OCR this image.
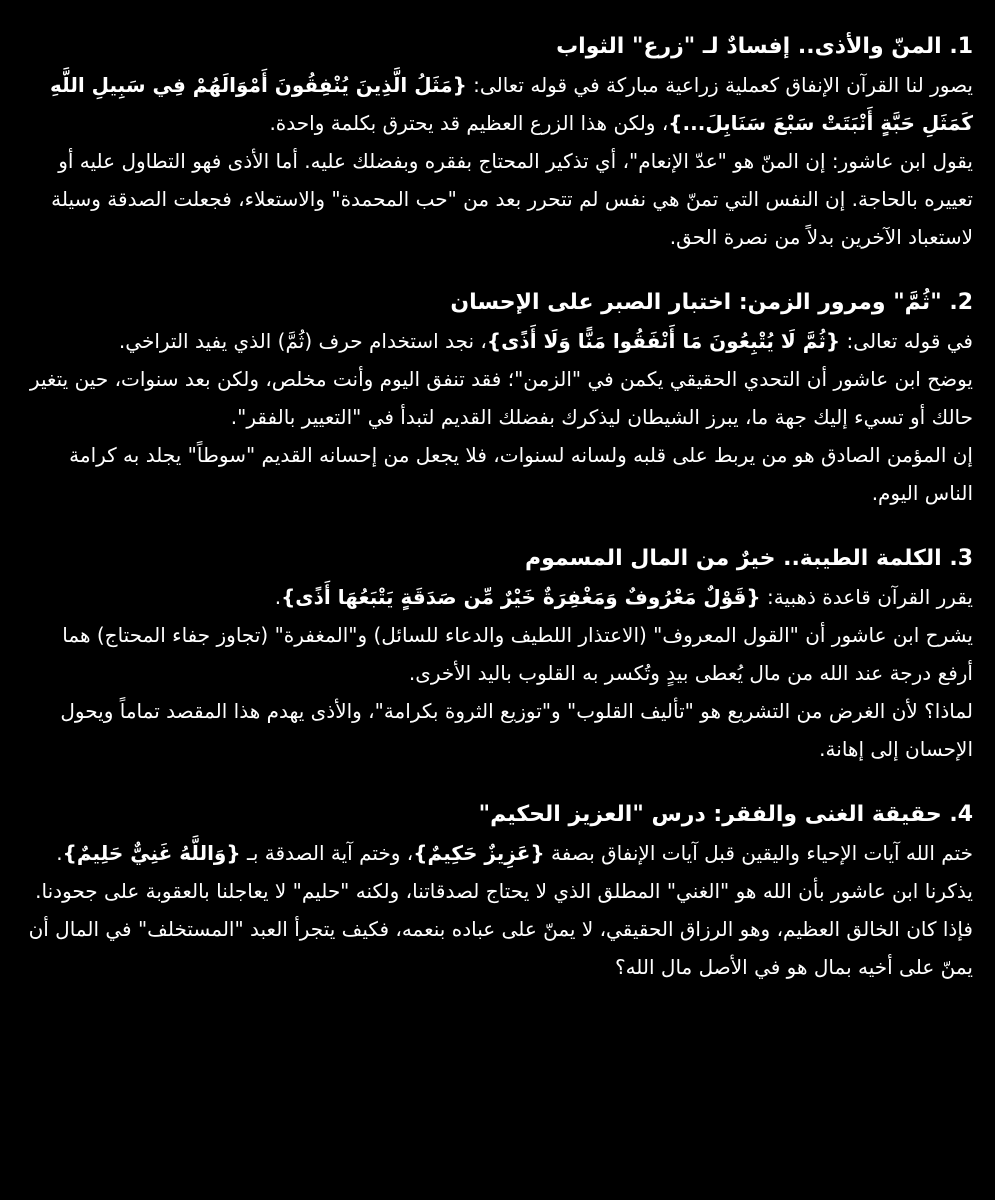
1. المنّ والأذى.. إفسادٌ لـ "زرع" الثواب

يصور لنا القرآن الإنفاق كعملية زراعية مباركة في قوله تعالى: {مَثَلُ الَّذِينَ يُنْفِقُونَ أَمْوَالَهُمْ فِي سَبِيلِ اللَّهِ كَمَثَلِ حَبَّةٍ أَنْبَتَتْ سَبْعَ سَنَابِلَ...}، ولكن هذا الزرع العظيم قد يحترق بكلمة واحدة.

يقول ابن عاشور: إن المنّ هو "عدّ الإنعام"، أي تذكير المحتاج بفقره وبفضلك عليه. أما الأذى فهو التطاول عليه أو تعييره بالحاجة. إن النفس التي تمنّ هي نفس لم تتحرر بعد من "حب المحمدة" والاستعلاء، فجعلت الصدقة وسيلة لاستعباد الآخرين بدلاً من نصرة الحق.

2. "ثُمَّ" ومرور الزمن: اختبار الصبر على الإحسان

في قوله تعالى: {ثُمَّ لَا يُتْبِعُونَ مَا أَنْفَقُوا مَنًّا وَلَا أَذًى}، نجد استخدام حرف (ثُمَّ) الذي يفيد التراخي.

يوضح ابن عاشور أن التحدي الحقيقي يكمن في "الزمن"؛ فقد تنفق اليوم وأنت مخلص، ولكن بعد سنوات، حين يتغير حالك أو تسيء إليك جهة ما، يبرز الشيطان ليذكرك بفضلك القديم لتبدأ في "التعيير بالفقر".

إن المؤمن الصادق هو من يربط على قلبه ولسانه لسنوات، فلا يجعل من إحسانه القديم "سوطاً" يجلد به كرامة الناس اليوم.

3. الكلمة الطيبة.. خيرٌ من المال المسموم

يقرر القرآن قاعدة ذهبية: {قَوْلٌ مَعْرُوفٌ وَمَغْفِرَةٌ خَيْرٌ مِّن صَدَقَةٍ يَتْبَعُهَا أَذًى}.

يشرح ابن عاشور أن "القول المعروف" (الاعتذار اللطيف والدعاء للسائل) و"المغفرة" (تجاوز جفاء المحتاج) هما أرفع درجة عند الله من مال يُعطى بيدٍ وتُكسر به القلوب باليد الأخرى.

لماذا؟ لأن الغرض من التشريع هو "تأليف القلوب" و"توزيع الثروة بكرامة"، والأذى يهدم هذا المقصد تماماً ويحول الإحسان إلى إهانة.

4. حقيقة الغنى والفقر: درس "العزيز الحكيم"

ختم الله آيات الإحياء واليقين قبل آيات الإنفاق بصفة {عَزِيزٌ حَكِيمٌ}، وختم آية الصدقة بـ {وَاللَّهُ غَنِيٌّ حَلِيمٌ}.

يذكرنا ابن عاشور بأن الله هو "الغني" المطلق الذي لا يحتاج لصدقاتنا، ولكنه "حليم" لا يعاجلنا بالعقوبة على جحودنا. فإذا كان الخالق العظيم، وهو الرزاق الحقيقي، لا يمنّ على عباده بنعمه، فكيف يتجرأ العبد "المستخلف" في المال أن يمنّ على أخيه بمال هو في الأصل مال الله؟
